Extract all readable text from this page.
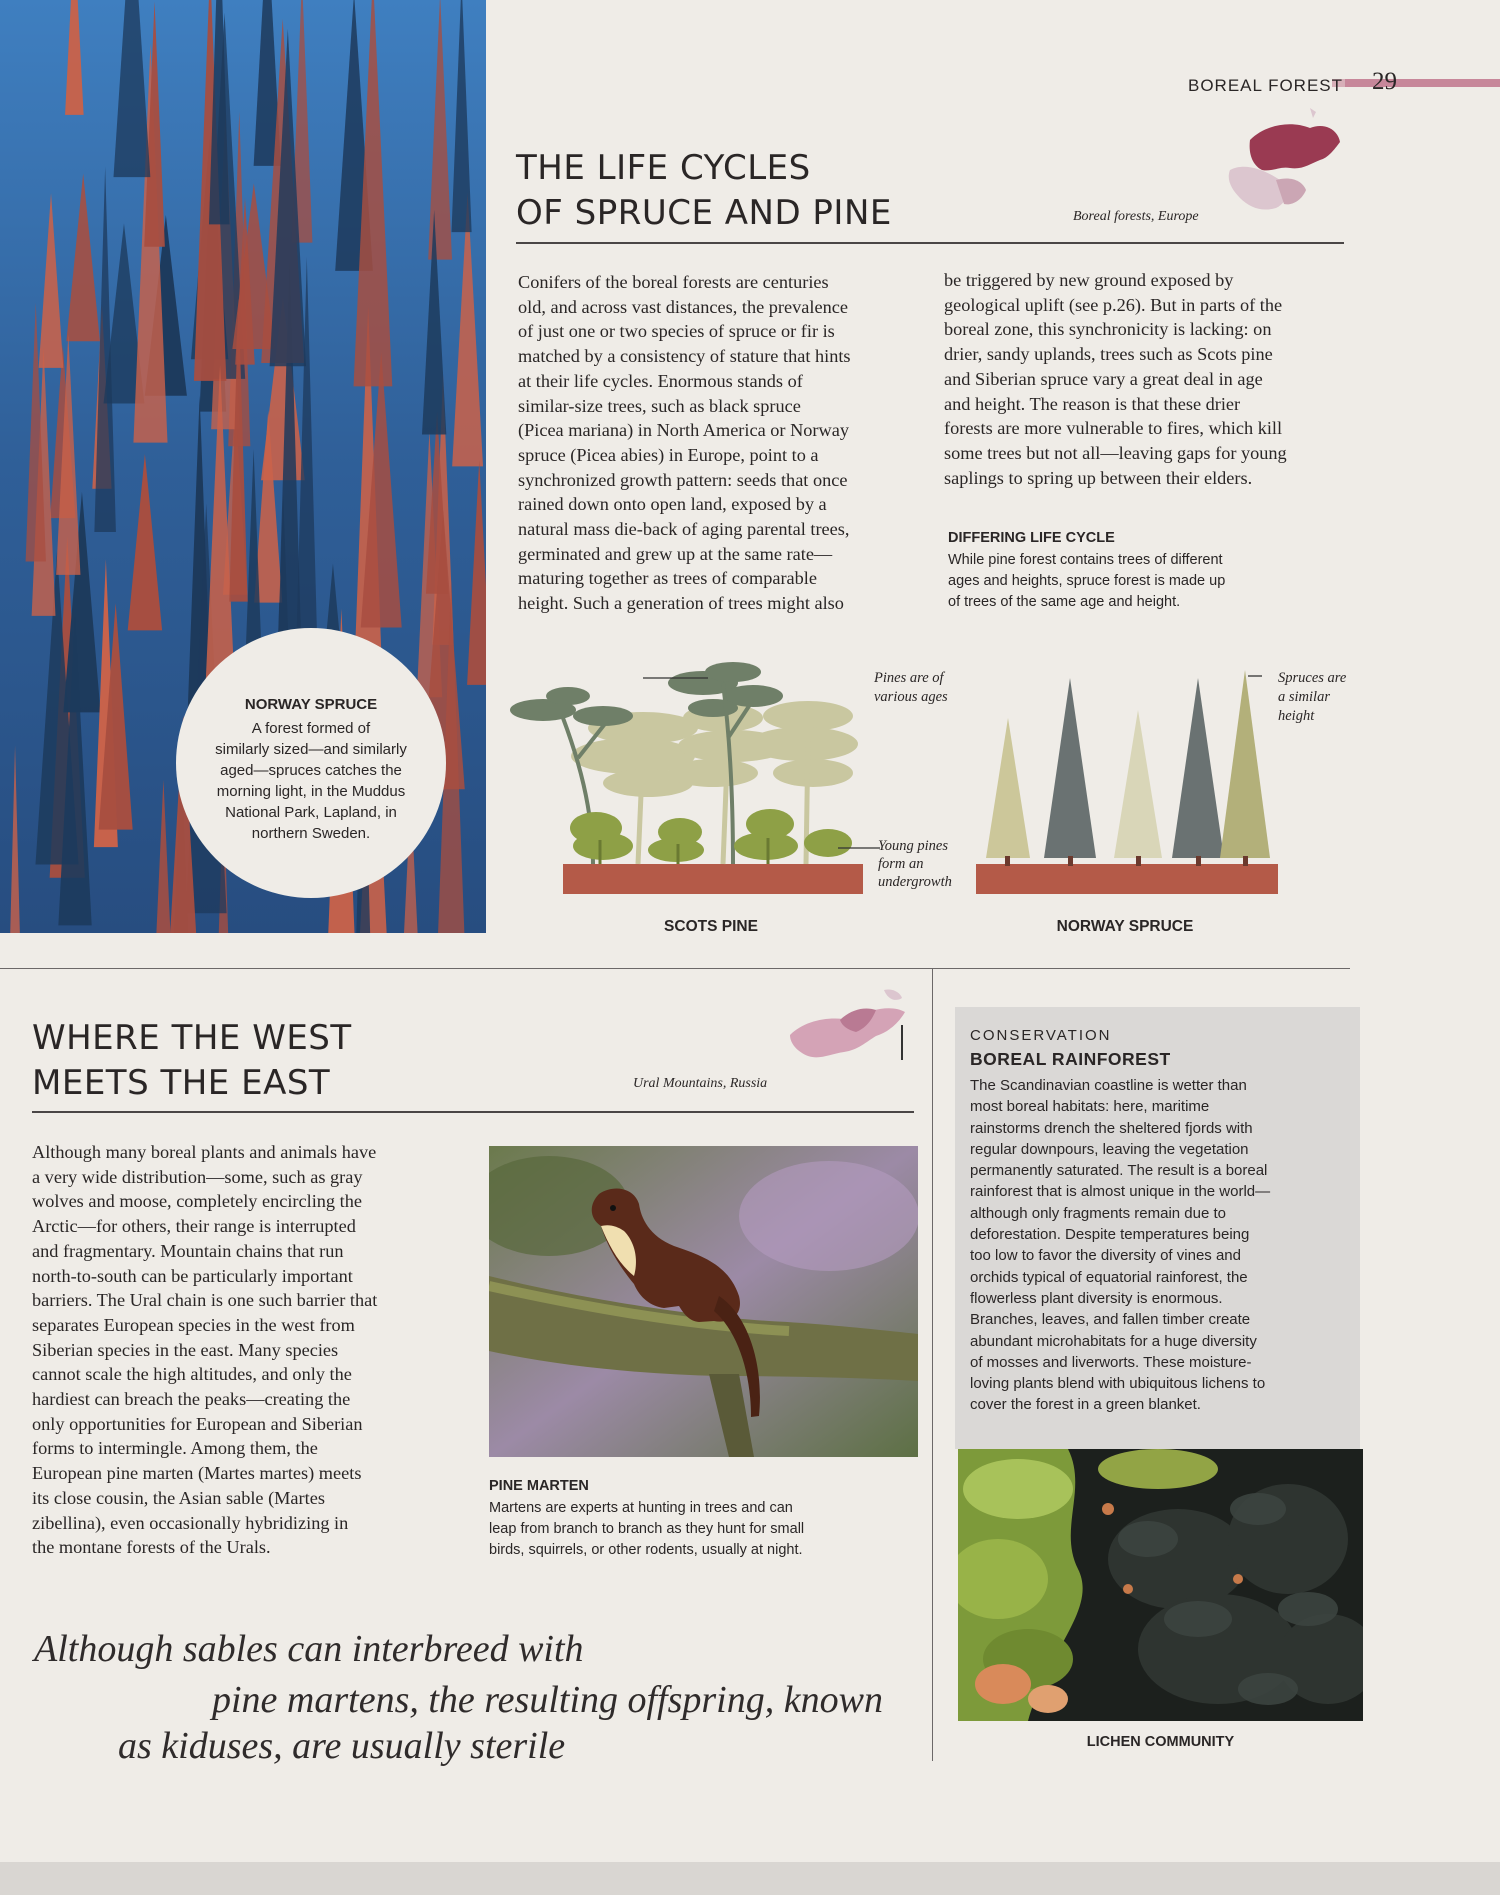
BOREAL FOREST 29
NORWAY SPRUCE
A forest formed of
similarly sized—and similarly
aged—spruces catches the
morning light, in the Muddus
National Park, Lapland, in
northern Sweden.
THE LIFE CYCLES
OF SPRUCE AND PINE	Boreal forests, Europe
Conifers of the boreal forests are centuries
old, and across vast distances, the prevalence
of just one or two species of spruce or fir is
matched by a consistency of stature that hints
at their life cycles. Enormous stands of
similar-size trees, such as black spruce
(Picea mariana) in North America or Norway
spruce (Picea abies) in Europe, point to a
synchronized growth pattern: seeds that once
rained down onto open land, exposed by a
natural mass die-back of aging parental trees,
germinated and grew up at the same rate—
maturing together as trees of comparable
height. Such a generation of trees might also
be triggered by new ground exposed by
geological uplift (see p.26). But in parts of the
boreal zone, this synchronicity is lacking: on
drier, sandy uplands, trees such as Scots pine
and Siberian spruce vary a great deal in age
and height. The reason is that these drier
forests are more vulnerable to fires, which kill
some trees but not all—leaving gaps for young
saplings to spring up between their elders.
DIFFERING LIFE CYCLE
While pine forest contains trees of different
ages and heights, spruce forest is made up
of trees of the same age and height.
Pines are of various ages
Young pines form an undergrowth
Spruces are a similar height
SCOTS PINE	NORWAY SPRUCE
WHERE THE WEST
MEETS THE EAST	Ural Mountains, Russia
Although many boreal plants and animals have
a very wide distribution—some, such as gray
wolves and moose, completely encircling the
Arctic—for others, their range is interrupted
and fragmentary. Mountain chains that run
north-to-south can be particularly important
barriers. The Ural chain is one such barrier that
separates European species in the west from
Siberian species in the east. Many species
cannot scale the high altitudes, and only the
hardiest can breach the peaks—creating the
only opportunities for European and Siberian
forms to intermingle. Among them, the
European pine marten (Martes martes) meets
its close cousin, the Asian sable (Martes
zibellina), even occasionally hybridizing in
the montane forests of the Urals.
PINE MARTEN
Martens are experts at hunting in trees and can
leap from branch to branch as they hunt for small
birds, squirrels, or other rodents, usually at night.
CONSERVATION
BOREAL RAINFOREST
The Scandinavian coastline is wetter than
most boreal habitats: here, maritime
rainstorms drench the sheltered fjords with
regular downpours, leaving the vegetation
permanently saturated. The result is a boreal
rainforest that is almost unique in the world—
although only fragments remain due to
deforestation. Despite temperatures being
too low to favor the diversity of vines and
orchids typical of equatorial rainforest, the
flowerless plant diversity is enormous.
Branches, leaves, and fallen timber create
abundant microhabitats for a huge diversity
of mosses and liverworts. These moisture-
loving plants blend with ubiquitous lichens to
cover the forest in a green blanket.
LICHEN COMMUNITY
Although sables can interbreed with
pine martens, the resulting offspring, known
as kiduses, are usually sterile
